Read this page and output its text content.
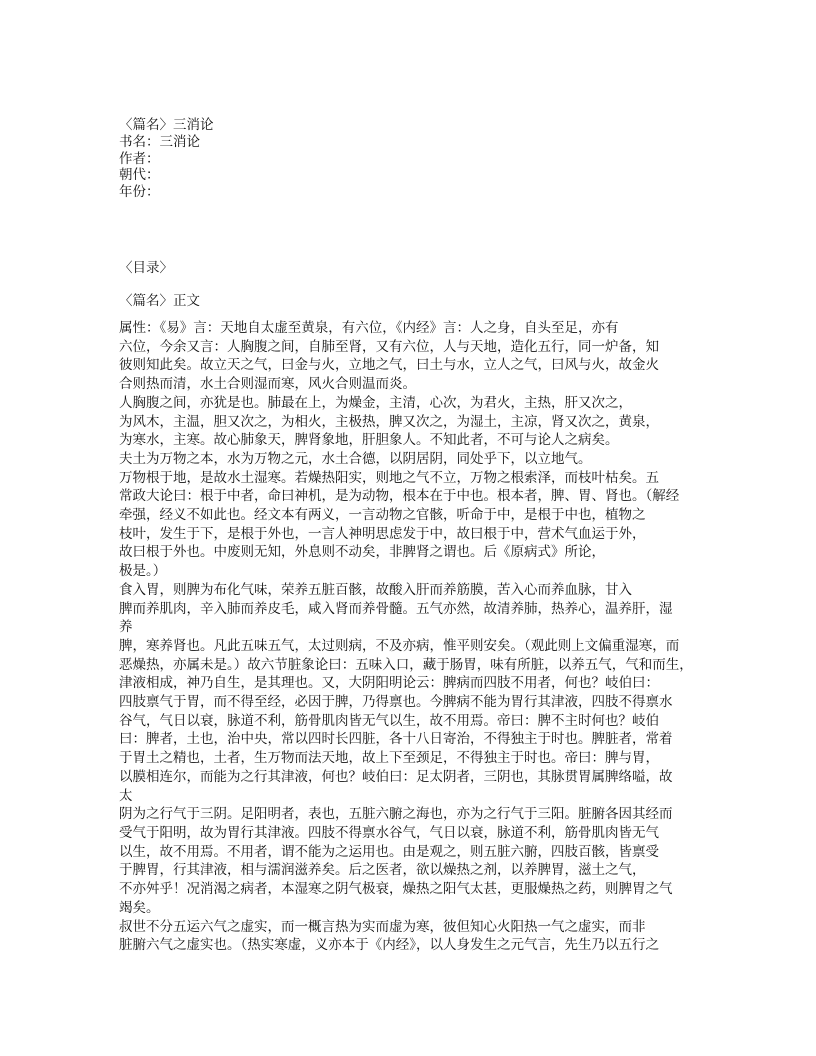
〈篇名〉三消论
书名：三消论
作者：
朝代：
年份：
〈目录〉
〈篇名〉正文
属性：《易》言：天地自太虚至黄泉，有六位，《内经》言：人之身，自头至足，亦有
六位，今余又言：人胸腹之间，自肺至肾，又有六位，人与天地，造化五行，同一炉备，知
彼则知此矣。故立天之气，曰金与火，立地之气，曰土与水，立人之气，曰风与火，故金火
合则热而清，水土合则湿而寒，风火合则温而炎。
人胸腹之间，亦犹是也。肺最在上，为燥金，主清，心次，为君火，主热，肝又次之，
为风木，主温，胆又次之，为相火，主极热，脾又次之，为湿土，主凉，肾又次之，黄泉，
为寒水，主寒。故心肺象天，脾肾象地，肝胆象人。不知此者，不可与论人之病矣。
夫土为万物之本，水为万物之元，水土合德，以阴居阴，同处乎下，以立地气。
万物根于地，是故水土湿寒。若燥热阳实，则地之气不立，万物之根索泽，而枝叶枯矣。五
常政大论曰：根于中者，命曰神机，是为动物，根本在于中也。根本者，脾、胃、肾也。（解经
牵强，经义不如此也。经文本有两义，一言动物之官骸，听命于中，是根于中也，植物之
枝叶，发生于下，是根于外也，一言人神明思虑发于中，故曰根于中，营术气血运于外，
故曰根于外也。中废则无知，外息则不动矣，非脾肾之谓也。后《原病式》所论，
极是。）
食入胃，则脾为布化气味，荣养五脏百骸，故酸入肝而养筋膜，苦入心而养血脉，甘入
脾而养肌肉，辛入肺而养皮毛，咸入肾而养骨髓。五气亦然，故清养肺，热养心，温养肝，湿
养
脾，寒养肾也。凡此五味五气，太过则病，不及亦病，惟平则安矣。（观此则上文偏重湿寒，而
恶燥热，亦属未是。）故六节脏象论曰：五味入口，藏于肠胃，味有所脏，以养五气，气和而生，
津液相成，神乃自生，是其理也。又，大阴阳明论云：脾病而四肢不用者，何也？岐伯曰：
四肢禀气于胃，而不得至经，必因于脾，乃得禀也。今脾病不能为胃行其津液，四肢不得禀水
谷气，气日以衰，脉道不利，筋骨肌肉皆无气以生，故不用焉。帝曰：脾不主时何也？岐伯
曰：脾者，土也，治中央，常以四时长四脏，各十八日寄治，不得独主于时也。脾脏者，常着
于胃土之精也，土者，生万物而法天地，故上下至颈足，不得独主于时也。帝曰：脾与胃，
以膜相连尔，而能为之行其津液，何也？岐伯曰：足太阴者，三阴也，其脉贯胃属脾络嗌，故
太
阴为之行气于三阴。足阳明者，表也，五脏六腑之海也，亦为之行气于三阳。脏腑各因其经而
受气于阳明，故为胃行其津液。四肢不得禀水谷气，气日以衰，脉道不利，筋骨肌肉皆无气
以生，故不用焉。不用者，谓不能为之运用也。由是观之，则五脏六腑，四肢百骸，皆禀受
于脾胃，行其津液，相与濡润滋养矣。后之医者，欲以燥热之剂，以养脾胃，滋土之气，
不亦舛乎！况消渴之病者，本湿寒之阴气极衰，燥热之阳气太甚，更服燥热之药，则脾胃之气
竭矣。
叔世不分五运六气之虚实，而一概言热为实而虚为寒，彼但知心火阳热一气之虚实，而非
脏腑六气之虚实也。（热实寒虚，义亦本于《内经》，以人身发生之元气言，先生乃以五行之
